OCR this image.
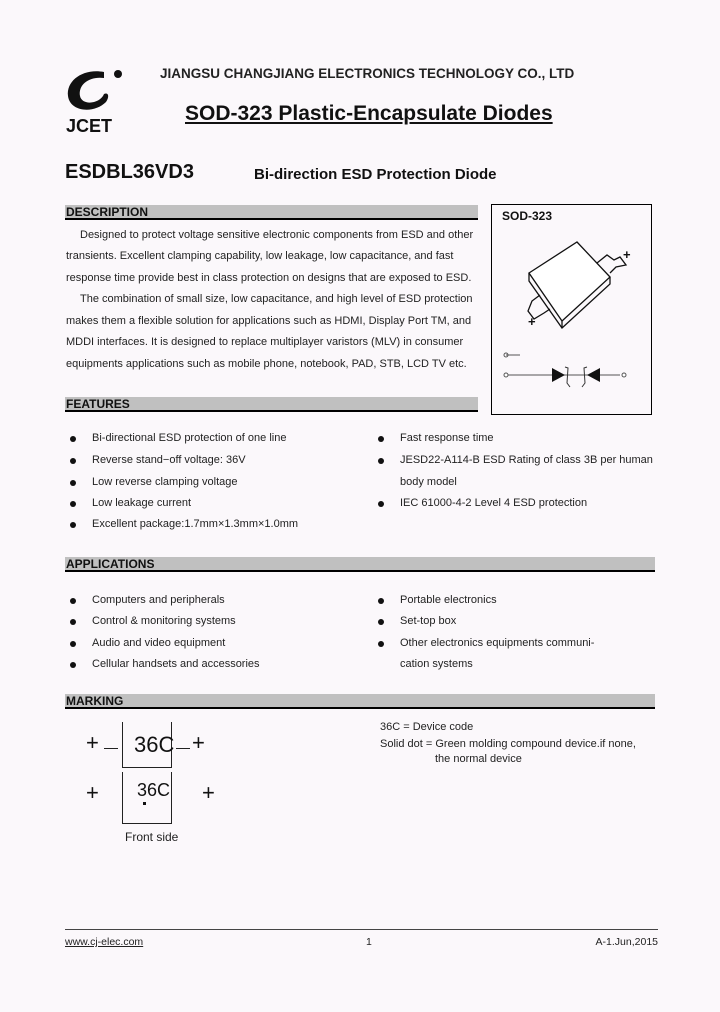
JCET
JIANGSU CHANGJIANG ELECTRONICS TECHNOLOGY CO., LTD
SOD-323 Plastic-Encapsulate Diodes
ESDBL36VD3	Bi-direction ESD Protection Diode
DESCRIPTION
Designed to protect voltage sensitive electronic components from ESD and other
transients. Excellent clamping capability, low leakage, low capacitance, and fast
response time provide best in class protection on designs that are exposed to ESD.
The combination of small size, low capacitance, and high level of ESD protection
makes them a flexible solution for applications such as HDMI, Display Port TM, and
MDDI interfaces. It is designed to replace multiplayer varistors (MLV) in consumer
equipments applications such as mobile phone, notebook, PAD, STB, LCD TV etc.
SOD-323
+
+
FEATURES
Bi-directional ESD protection of one line
Reverse stand−off voltage: 36V
Low reverse clamping voltage
Low leakage current
Excellent package:1.7mm×1.3mm×1.0mm
Fast response time
JESD22-A114-B ESD Rating of class 3B per human
body model
IEC 61000-4-2 Level 4 ESD protection
APPLICATIONS
Computers and peripherals
Control & monitoring systems
Audio and video equipment
Cellular handsets and accessories
Portable electronics
Set-top box
Other electronics equipments communi-
cation systems
MARKING
+ 36C +
+ 36C +
Front side
36C = Device code
Solid dot = Green molding compound device.if none,
the normal device
www.cj-elec.com	1	A-1.Jun,2015
